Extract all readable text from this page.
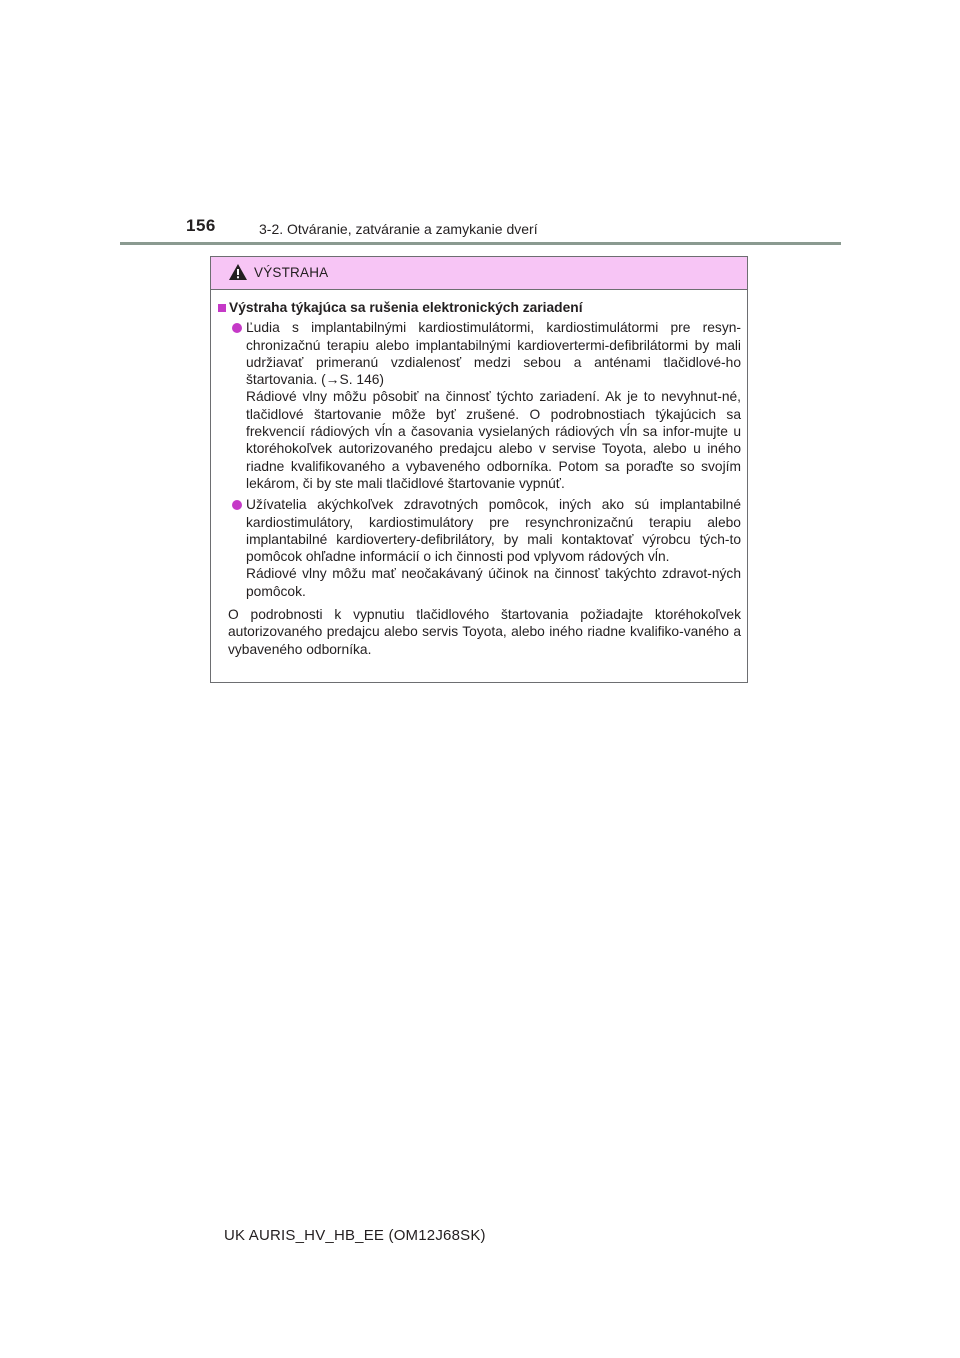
156	3-2. Otváranie, zatváranie a zamykanie dverí
VÝSTRAHA
Výstraha týkajúca sa rušenia elektronických zariadení

Ľudia s implantabilnými kardiostimulátormi, kardiostimulátormi pre resyn-chronizačnú terapiu alebo implantabilnými kardiovertermi-defibrilátormi by mali udržiavať primeranú vzdialenosť medzi sebou a anténami tlačidlové-ho štartovania. (→S. 146)

Rádiové vlny môžu pôsobiť na činnosť týchto zariadení. Ak je to nevyhnut-né, tlačidlové štartovanie môže byť zrušené. O podrobnostiach týkajúcich sa frekvencií rádiových vĺn a časovania vysielaných rádiových vĺn sa infor-mujte u ktoréhokoľvek autorizovaného predajcu alebo v servise Toyota, alebo u iného riadne kvalifikovaného a vybaveného odborníka. Potom sa poraďte so svojím lekárom, či by ste mali tlačidlové štartovanie vypnúť.

Užívatelia akýchkoľvek zdravotných pomôcok, iných ako sú implantabilné kardiostimulátory, kardiostimulátory pre resynchronizačnú terapiu alebo implantabilné kardiovertery-defibrilátory, by mali kontaktovať výrobcu tých-to pomôcok ohľadne informácií o ich činnosti pod vplyvom rádových vĺn.

Rádiové vlny môžu mať neočakávaný účinok na činnosť takýchto zdravot-ných pomôcok.

O podrobnosti k vypnutiu tlačidlového štartovania požiadajte ktoréhokoľvek autorizovaného predajcu alebo servis Toyota, alebo iného riadne kvalifiko-vaného a vybaveného odborníka.
UK AURIS_HV_HB_EE (OM12J68SK)
